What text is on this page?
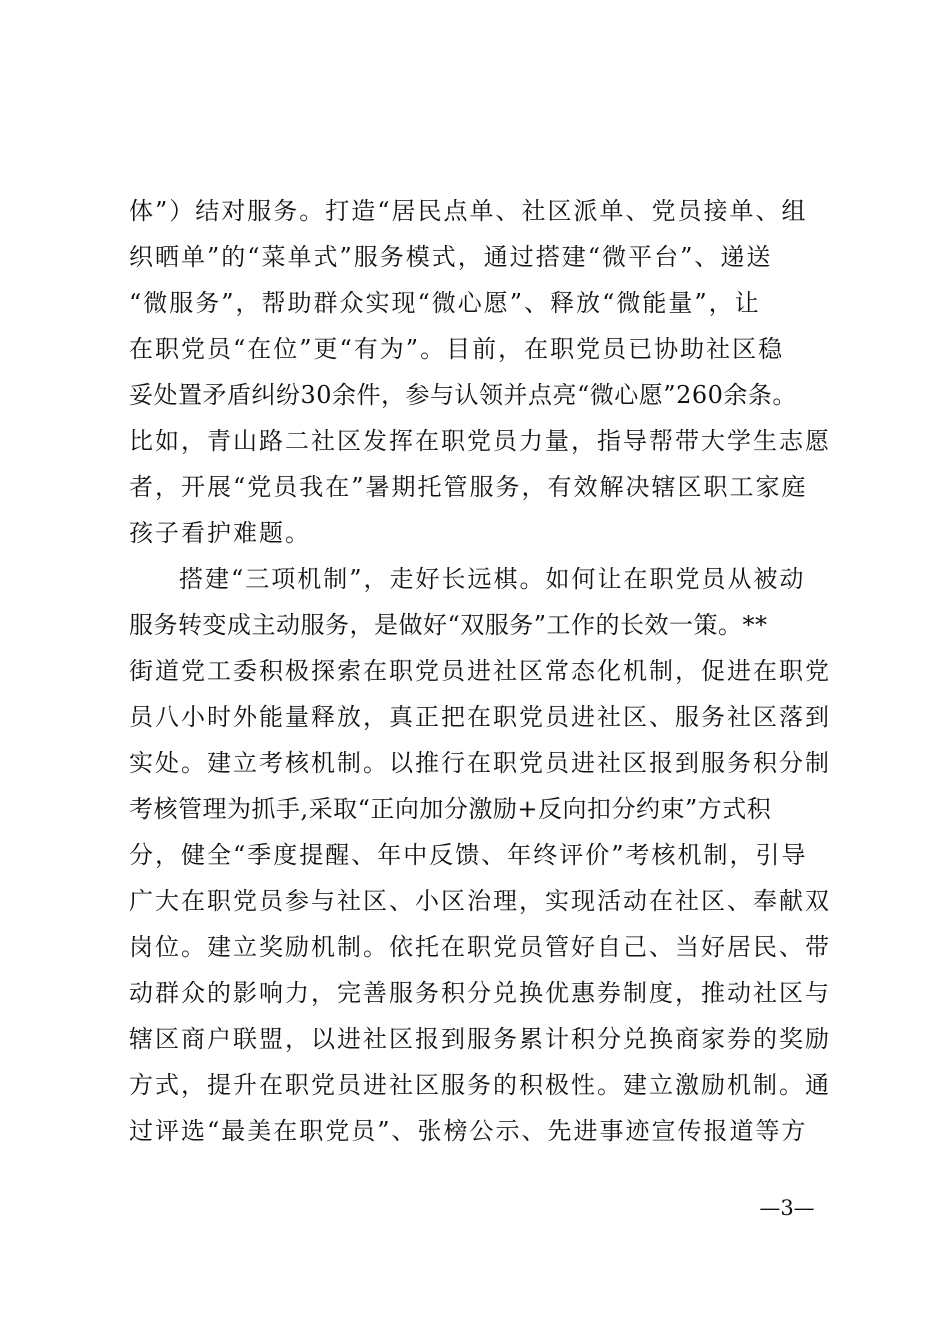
体”）结对服务。打造“居民点单、社区派单、党员接单、组
织晒单”的“菜单式”服务模式，通过搭建“微平台”、递送
“微服务”，帮助群众实现“微心愿”、释放“微能量”，让
在职党员“在位”更“有为”。目前，在职党员已协助社区稳
妥处置矛盾纠纷30余件，参与认领并点亮“微心愿”260余条。
比如，青山路二社区发挥在职党员力量，指导帮带大学生志愿
者，开展“党员我在”暑期托管服务，有效解决辖区职工家庭
孩子看护难题。
搭建“三项机制”，走好长远棋。如何让在职党员从被动
服务转变成主动服务，是做好“双服务”工作的长效一策。**
街道党工委积极探索在职党员进社区常态化机制，促进在职党
员八小时外能量释放，真正把在职党员进社区、服务社区落到
实处。建立考核机制。以推行在职党员进社区报到服务积分制
考核管理为抓手,采取“正向加分激励+反向扣分约束”方式积
分，健全“季度提醒、年中反馈、年终评价”考核机制，引导
广大在职党员参与社区、小区治理，实现活动在社区、奉献双
岗位。建立奖励机制。依托在职党员管好自己、当好居民、带
动群众的影响力，完善服务积分兑换优惠券制度，推动社区与
辖区商户联盟，以进社区报到服务累计积分兑换商家券的奖励
方式，提升在职党员进社区服务的积极性。建立激励机制。通
过评选“最美在职党员”、张榜公示、先进事迹宣传报道等方
—3—
